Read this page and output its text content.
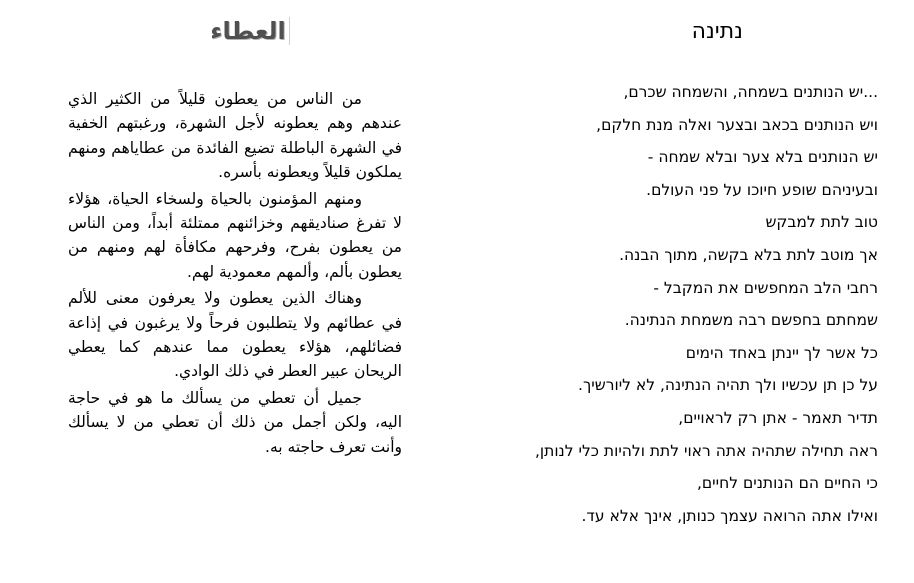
العطاء

من الناس من يعطون قليلاً من الكثير الذي عندهم وهم يعطونه لأجل الشهرة، ورغبتهم الخفية في الشهرة الباطلة تضيع الفائدة من عطاياهم ومنهم يملكون قليلاً ويعطونه بأسره.

ومنهم المؤمنون بالحياة ولسخاء الحياة، هؤلاء لا تفرغ صناديقهم وخزائنهم ممتلئة أبداً، ومن الناس من يعطون بفرح، وفرحهم مكافأة لهم ومنهم من يعطون بألم، وألمهم معمودية لهم.

وهناك الذين يعطون ولا يعرفون معنى للألم في عطائهم ولا يتطلبون فرحاً ولا يرغبون في إذاعة فضائلهم، هؤلاء يعطون مما عندهم كما يعطي الريحان عبير العطر في ذلك الوادي.

جميل أن تعطي من يسألك ما هو في حاجة اليه، ولكن أجمل من ذلك أن تعطي من لا يسألك وأنت تعرف حاجته به.

נתינה
...יש הנותנים בשמחה, והשמחה שכרם,
ויש הנותנים בכאב ובצער ואלה מנת חלקם,
יש הנותנים בלא צער ובלא שמחה -
ובעיניהם שופע חיוכו על פני העולם.
טוב לתת למבקש
אך מוטב לתת בלא בקשה, מתוך הבנה.
רחבי הלב המחפשים את המקבל -
שמחתם בחפשם רבה משמחת הנתינה.
כל אשר לך יינתן באחד הימים
על כן תן עכשיו ולך תהיה הנתינה, לא ליורשיך.
תדיר תאמר - אתן רק לראויים,
ראה תחילה שתהיה אתה ראוי לתת ולהיות כלי לנותן,
כי החיים הם הנותנים לחיים,
ואילו אתה הרואה עצמך כנותן, אינך אלא עד.
